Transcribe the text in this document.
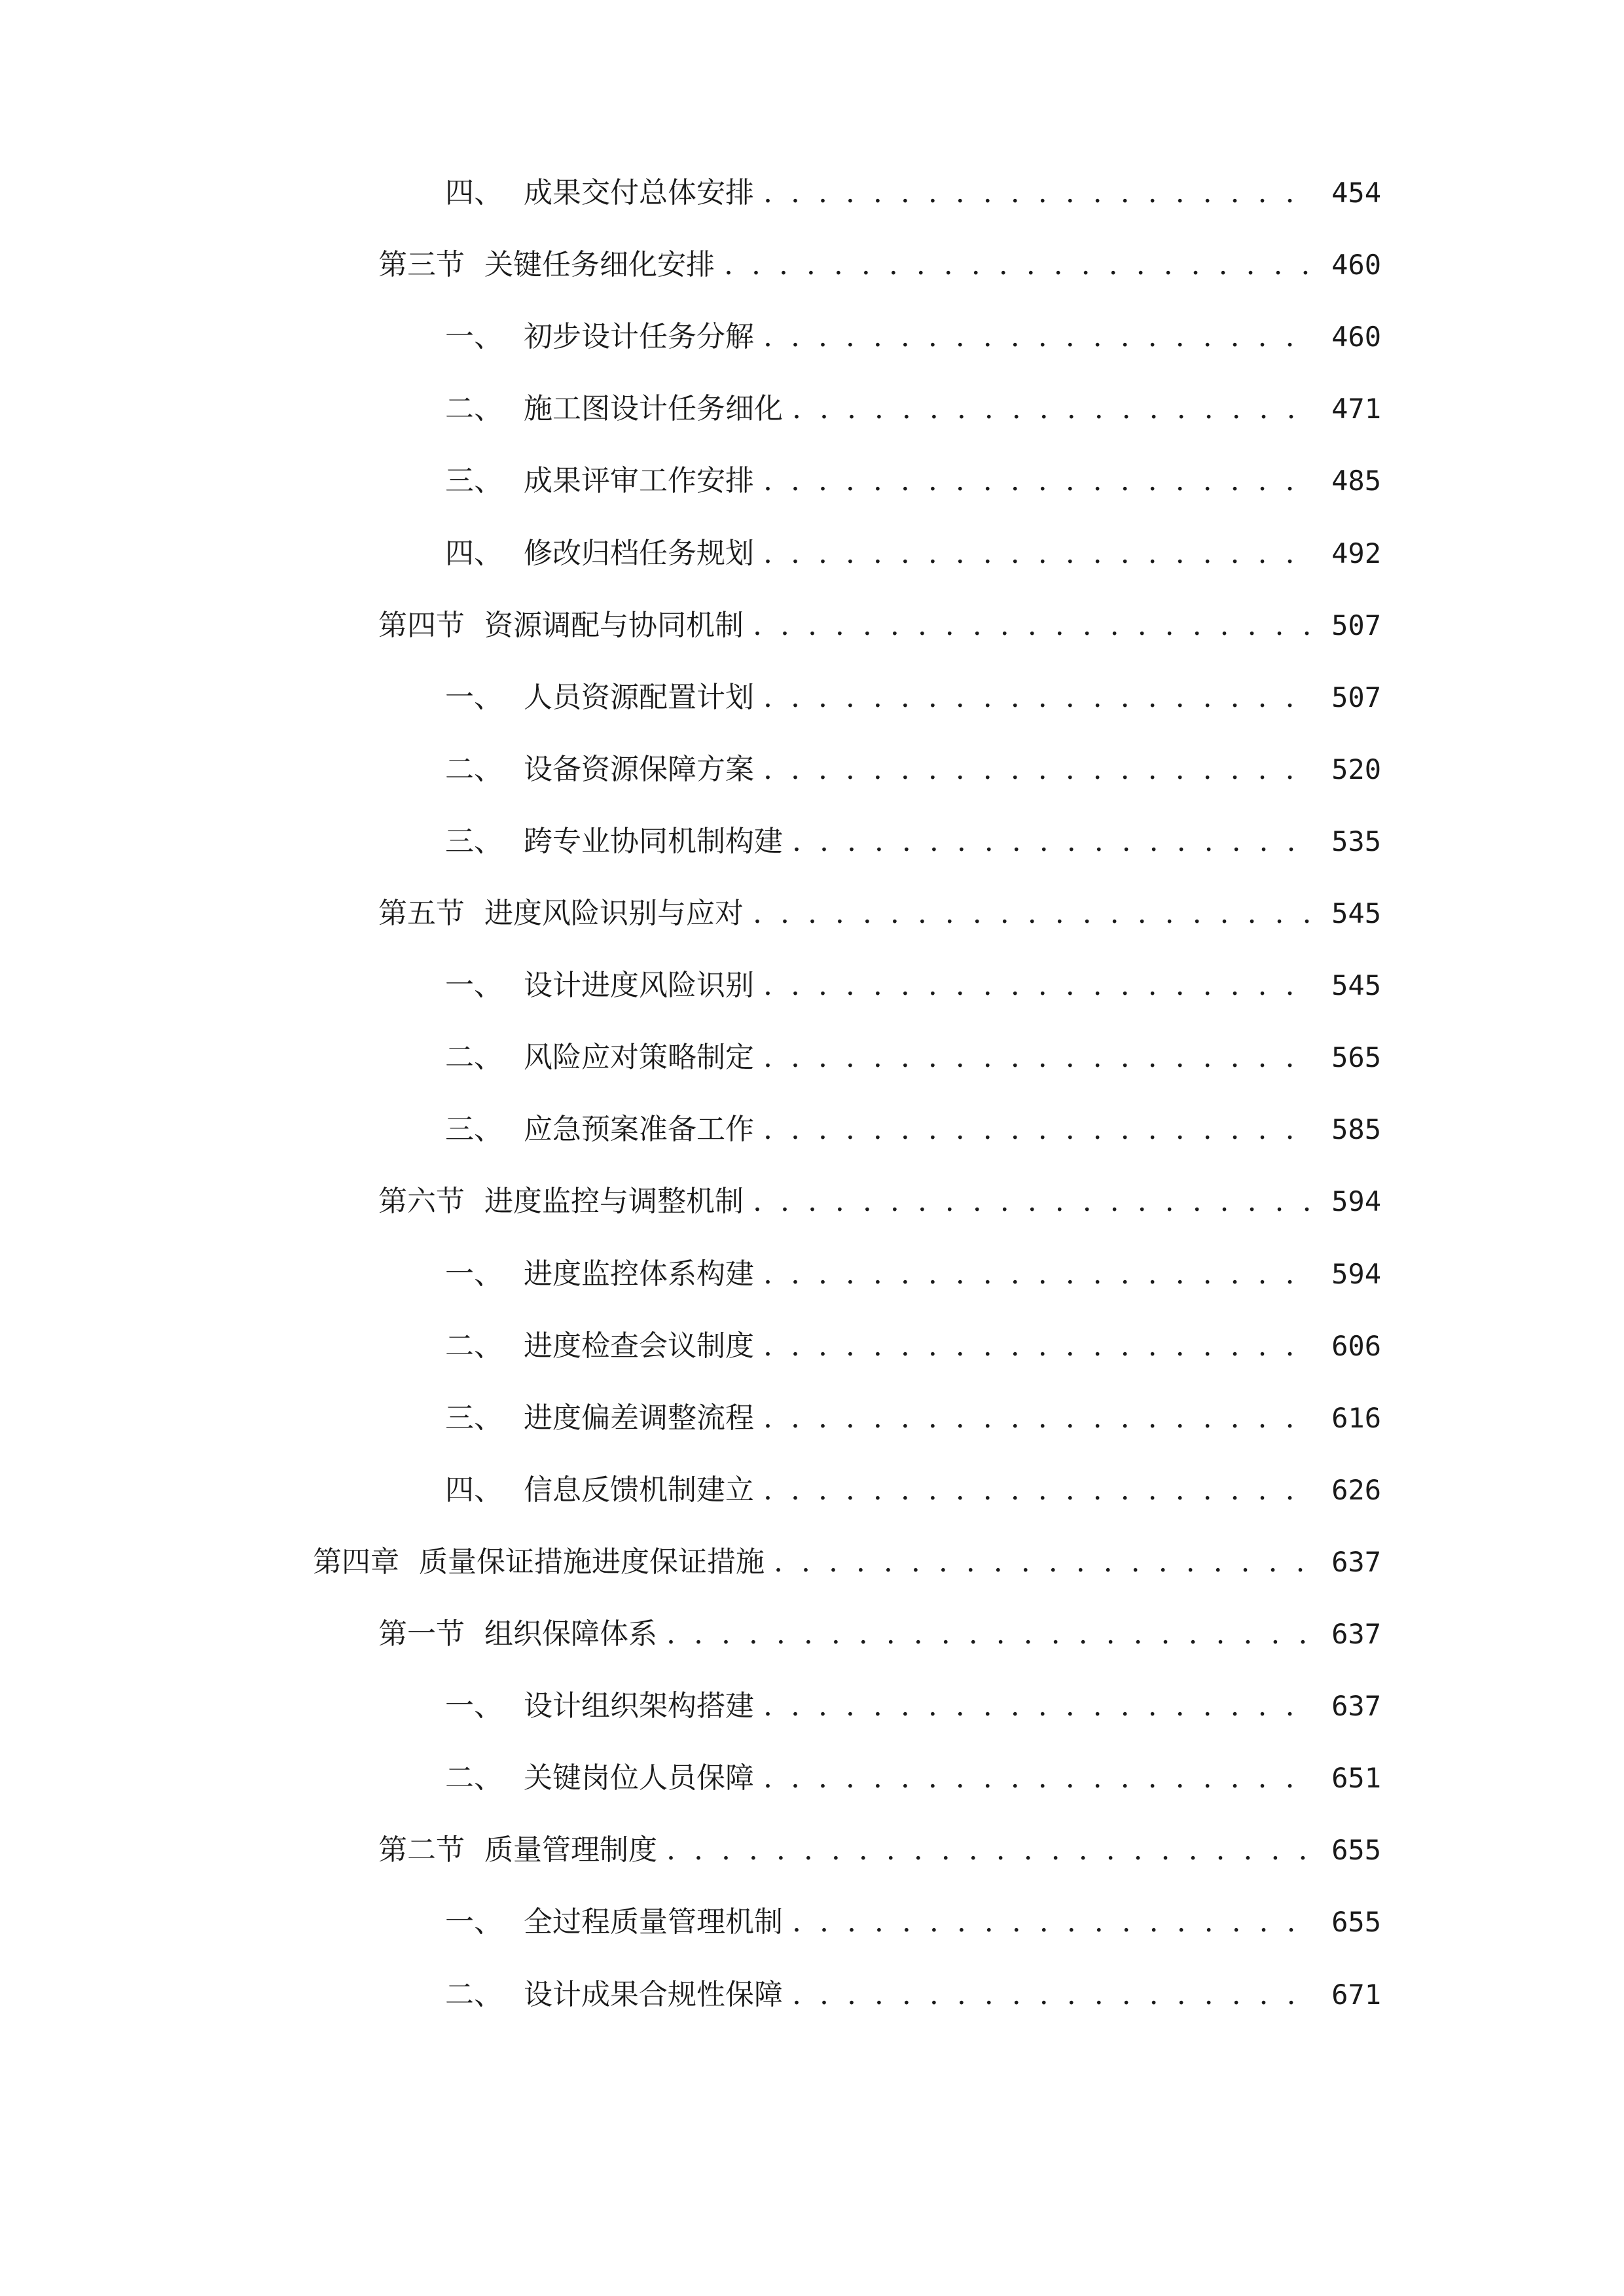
四、 成果交付总体安排 . . .	454
第三节 关键任务细化安排 . . .	460
一、 初步设计任务分解 . . .	460
二、 施工图设计任务细化 . . .	471
三、 成果评审工作安排 . . .	485
四、 修改归档任务规划 . . .	492
第四节 资源调配与协同机制 . . .	507
一、 人员资源配置计划 . . .	507
二、 设备资源保障方案 . . .	520
三、 跨专业协同机制构建 . . .	535
第五节 进度风险识别与应对 . . .	545
一、 设计进度风险识别 . . .	545
二、 风险应对策略制定 . . .	565
三、 应急预案准备工作 . . .	585
第六节 进度监控与调整机制 . . .	594
一、 进度监控体系构建 . . .	594
二、 进度检查会议制度 . . .	606
三、 进度偏差调整流程 . . .	616
四、 信息反馈机制建立 . . .	626
第四章 质量保证措施进度保证措施 . . .	637
第一节 组织保障体系 . . .	637
一、 设计组织架构搭建 . . .	637
二、 关键岗位人员保障 . . .	651
第二节 质量管理制度 . . .	655
一、 全过程质量管理机制 . . .	655
二、 设计成果合规性保障 . . .	671
